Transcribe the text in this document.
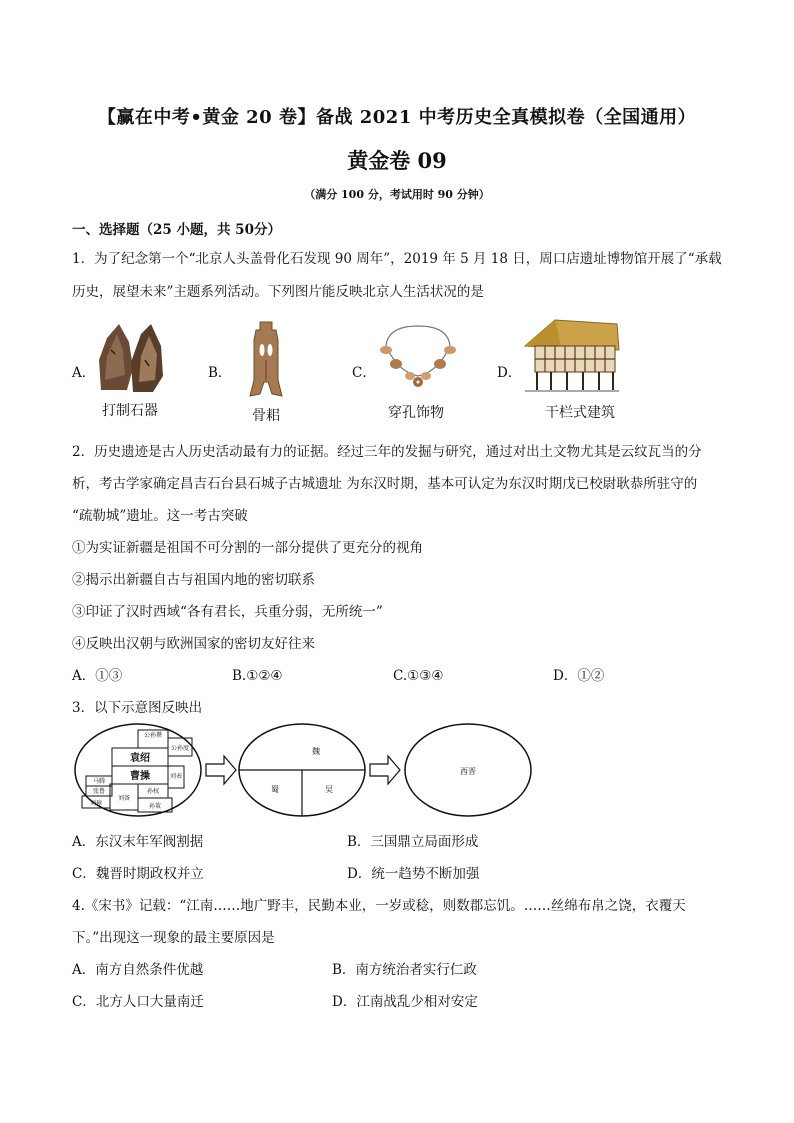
【赢在中考•黄金 20 卷】备战 2021 中考历史全真模拟卷（全国通用）
黄金卷 09
（满分 100 分，考试用时 90 分钟）
一、选择题（25 小题，共 50分）
1．为了纪念第一个“北京人头盖骨化石发现 90 周年”，2019 年 5 月 18 日，周口店遗址博物馆开展了“承载
历史，展望未来”主题系列活动。下列图片能反映北京人生活状况的是
A．
打制石器
B．
骨耜
C．
穿孔饰物
D．
干栏式建筑
2．历史遗迹是古人历史活动最有力的证据。经过三年的发掘与研究，通过对出土文物尤其是云纹瓦当的分
析，考古学家确定昌吉石台县石城子古城遗址 为东汉时期，基本可认定为东汉时期戊已校尉耿恭所驻守的
“疏勒城”遗址。这一考古突破
①为实证新疆是祖国不可分割的一部分提供了更充分的视角
②揭示出新疆自古与祖国内地的密切联系
③印证了汉时西域“各有君长，兵重分弱，无所统一”
④反映出汉朝与欧洲国家的密切友好往来
A．①③	B.①②④	C.①③④	D．①②
3．以下示意图反映出
公孙瓒
公孙度
袁绍
曹操	刘表
马腾
张鲁
刘璋
刘备
孙权
孙策
魏
蜀	吴
西晋
A．东汉末年军阀割据	B．三国鼎立局面形成
C．魏晋时期政权并立	D．统一趋势不断加强
4.《宋书》记载：“江南……地广野丰，民勤本业，一岁或稔，则数郡忘饥。……丝绵布帛之饶，衣覆天
下。”出现这一现象的最主要原因是
A．南方自然条件优越	B．南方统治者实行仁政
C．北方人口大量南迁	D．江南战乱少相对安定
